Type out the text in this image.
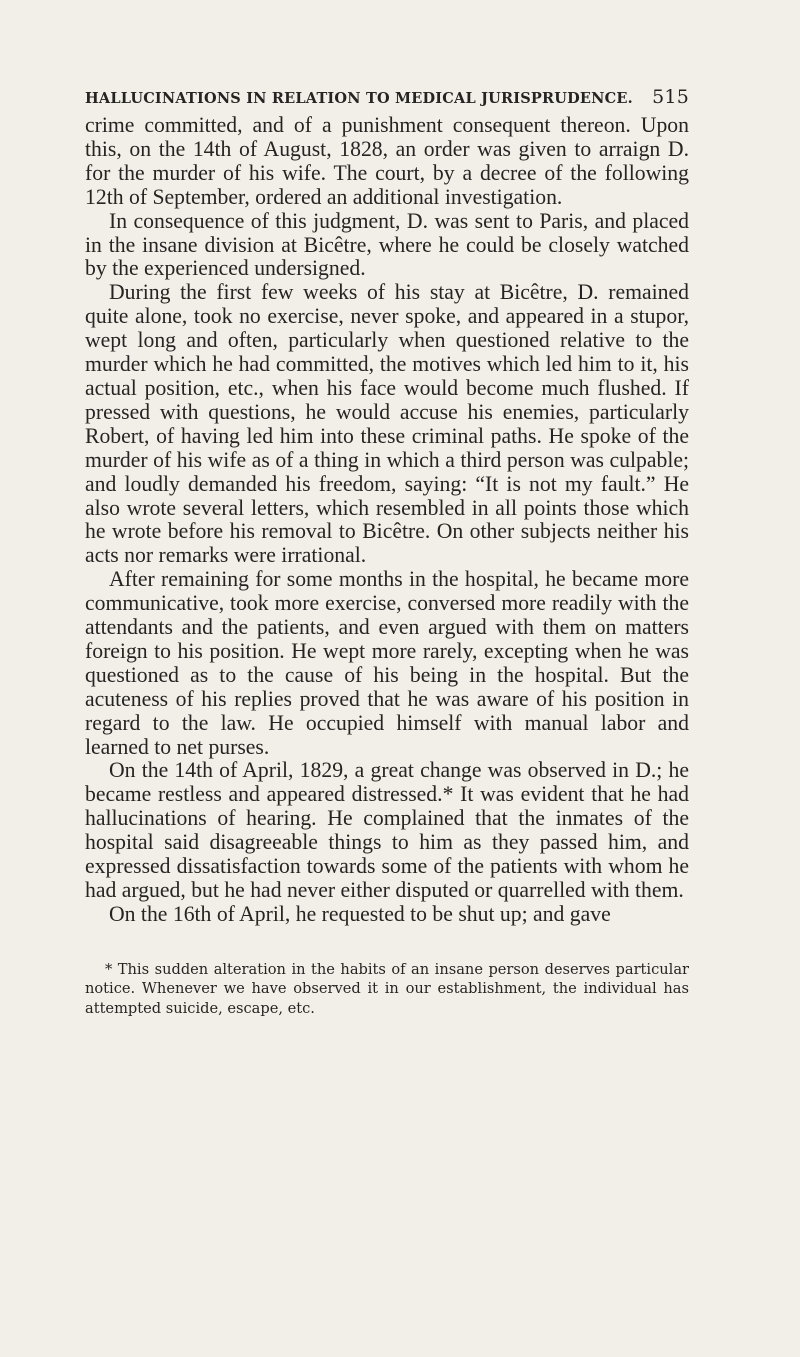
HALLUCINATIONS IN RELATION TO MEDICAL JURISPRUDENCE. 515

crime committed, and of a punishment consequent thereon. Upon this, on the 14th of August, 1828, an order was given to arraign D. for the murder of his wife. The court, by a decree of the following 12th of September, ordered an additional investigation.

In consequence of this judgment, D. was sent to Paris, and placed in the insane division at Bicêtre, where he could be closely watched by the experienced undersigned.

During the first few weeks of his stay at Bicêtre, D. remained quite alone, took no exercise, never spoke, and appeared in a stupor, wept long and often, particularly when questioned relative to the murder which he had committed, the motives which led him to it, his actual position, etc., when his face would become much flushed. If pressed with questions, he would accuse his enemies, particularly Robert, of having led him into these criminal paths. He spoke of the murder of his wife as of a thing in which a third person was culpable; and loudly demanded his freedom, saying: “It is not my fault.” He also wrote several letters, which resembled in all points those which he wrote before his removal to Bicêtre. On other subjects neither his acts nor remarks were irrational.

After remaining for some months in the hospital, he became more communicative, took more exercise, conversed more readily with the attendants and the patients, and even argued with them on matters foreign to his position. He wept more rarely, excepting when he was questioned as to the cause of his being in the hospital. But the acuteness of his replies proved that he was aware of his position in regard to the law. He occupied himself with manual labor and learned to net purses.

On the 14th of April, 1829, a great change was observed in D.; he became restless and appeared distressed.* It was evident that he had hallucinations of hearing. He complained that the inmates of the hospital said disagreeable things to him as they passed him, and expressed dissatisfaction towards some of the patients with whom he had argued, but he had never either disputed or quarrelled with them.

On the 16th of April, he requested to be shut up; and gave

* This sudden alteration in the habits of an insane person deserves particular notice. Whenever we have observed it in our establishment, the individual has attempted suicide, escape, etc.
